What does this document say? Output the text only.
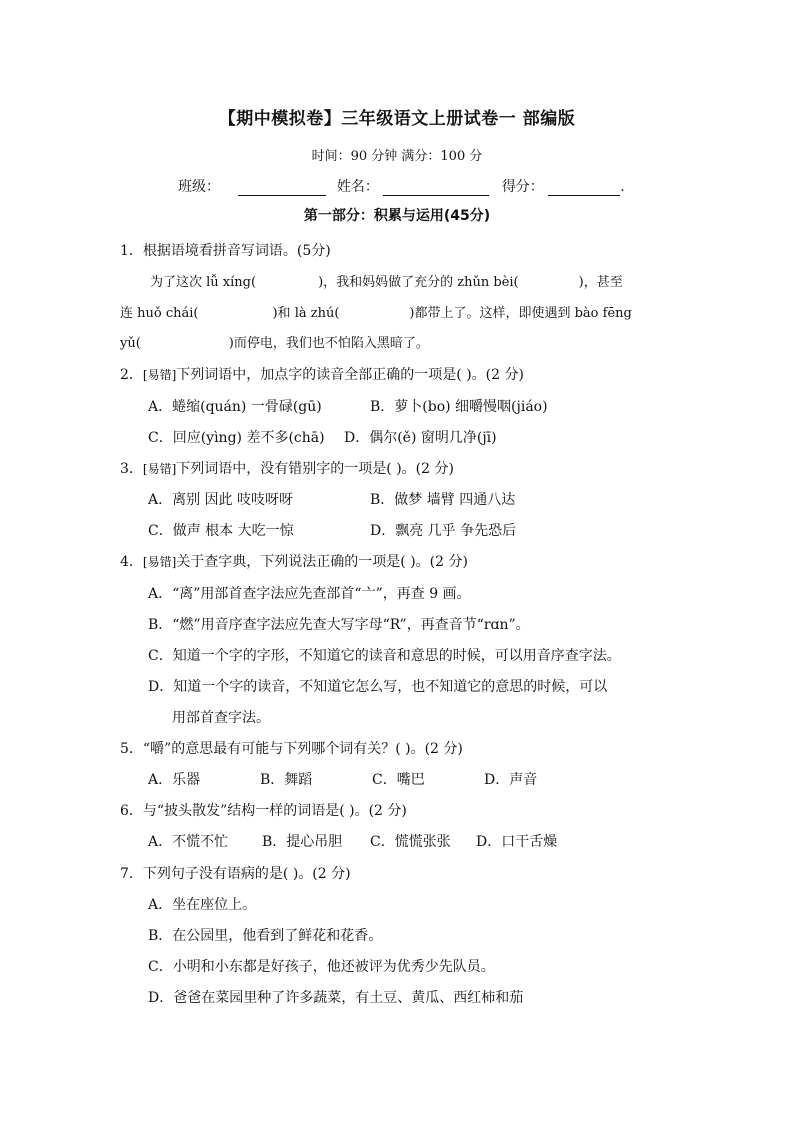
【期中模拟卷】三年级语文上册试卷一 部编版
时间：90 分钟 满分：100 分
班级：	姓名：	得分：	.
第一部分：积累与运用(45分)
1．根据语境看拼音写词语。(5分)
为了这次 lǚ xíng(	)，我和妈妈做了充分的 zhǔn bèi(	)，甚至
连 huǒ chái(	)和 là zhú(	)都带上了。这样，即使遇到 bào fēng
yǔ(	)而停电，我们也不怕陷入黑暗了。
2．[易错]下列词语中，加点字的读音全部正确的一项是( )。(2 分)
A．蜷缩(quán) 一骨碌(gū)	B．萝卜(bo) 细嚼慢咽(jiáo)
C．回应(yìng) 差不多(chā) D．偶尔(ě) 窗明几净(jī)
3．[易错]下列词语中，没有错别字的一项是( )。(2 分)
A．离别 因此 吱吱呀呀	B．做梦 墙臂 四通八达
C．做声 根本 大吃一惊	D．飘亮 几乎 争先恐后
4．[易错]关于查字典，下列说法正确的一项是( )。(2 分)
A．“离”用部首查字法应先查部首“亠”，再查 9 画。
B．“燃”用音序查字法应先查大写字母“R”，再查音节“rɑn”。
C．知道一个字的字形，不知道它的读音和意思的时候，可以用音序查字法。
D．知道一个字的读音，不知道它怎么写，也不知道它的意思的时候，可以
用部首查字法。
5．“嚼”的意思最有可能与下列哪个词有关？( )。(2 分)
A．乐器	B．舞蹈	C．嘴巴	D．声音
6．与“披头散发”结构一样的词语是( )。(2 分)
A．不慌不忙 B．提心吊胆 C．慌慌张张 D．口干舌燥
7．下列句子没有语病的是( )。(2 分)
A．坐在座位上。
B．在公园里，他看到了鲜花和花香。
C．小明和小东都是好孩子，他还被评为优秀少先队员。
D．爸爸在菜园里种了许多蔬菜，有土豆、黄瓜、西红柿和茄
